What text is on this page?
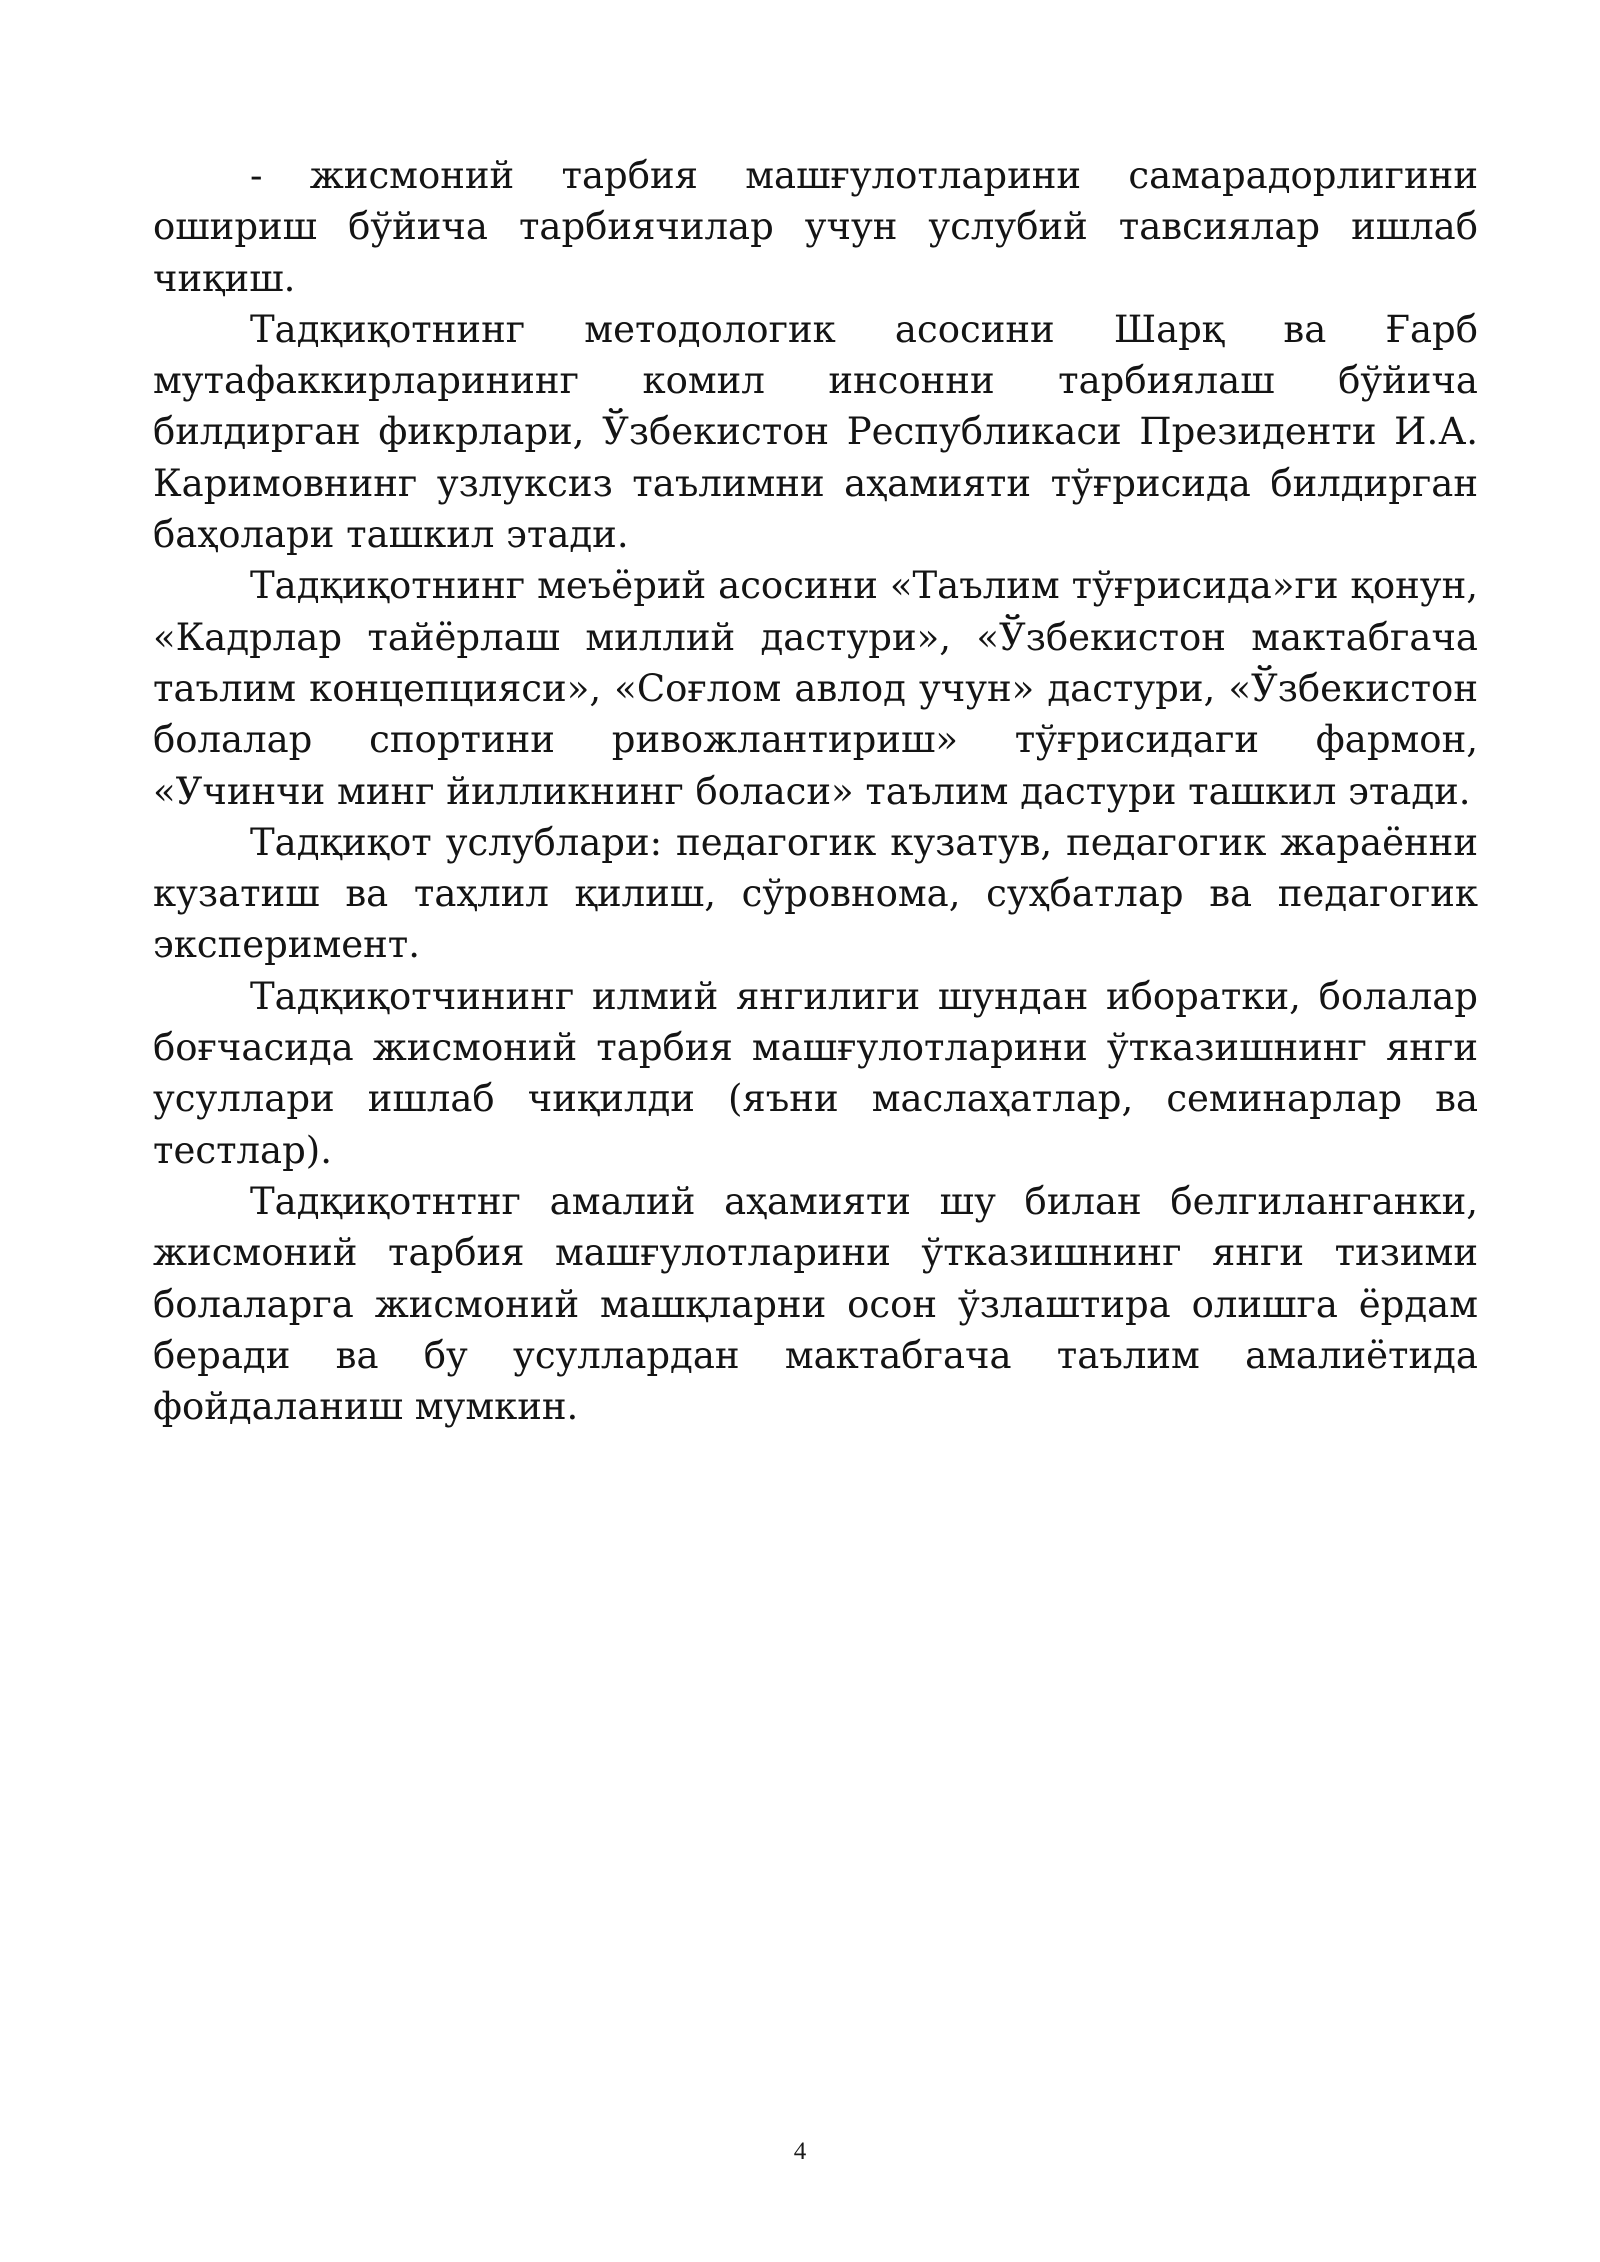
- жисмоний тарбия машғулотларини самарадорлигини ошириш бўйича тарбиячилар учун услубий тавсиялар ишлаб чиқиш.

Тадқиқотнинг методологик асосини Шарқ ва Ғарб мутафаккирларининг комил инсонни тарбиялаш бўйича билдирган фикрлари, Ўзбекистон Республикаси Президенти И.А. Каримовнинг узлуксиз таълимни аҳамияти тўғрисида билдирган баҳолари ташкил этади.

Тадқиқотнинг меъёрий асосини «Таълим тўғрисида»ги қонун, «Кадрлар тайёрлаш миллий дастури», «Ўзбекистон мактабгача таълим концепцияси», «Соғлом авлод учун» дастури, «Ўзбекистон болалар спортини ривожлантириш» тўғрисидаги фармон, «Учинчи минг йилликнинг боласи» таълим дастури ташкил этади.

Тадқиқот услублари: педагогик кузатув, педагогик жараённи кузатиш ва таҳлил қилиш, сўровнома, суҳбатлар ва педагогик эксперимент.

Тадқиқотчининг илмий янгилиги шундан иборатки, болалар боғчасида жисмоний тарбия машғулотларини ўтказишнинг янги усуллари ишлаб чиқилди (яъни маслаҳатлар, семинарлар ва тестлар).

Тадқиқотнтнг амалий аҳамияти шу билан белгиланганки, жисмоний тарбия машғулотларини ўтказишнинг янги тизими болаларга жисмоний машқларни осон ўзлаштира олишга ёрдам беради ва бу усуллардан мактабгача таълим амалиётида фойдаланиш мумкин.

4
